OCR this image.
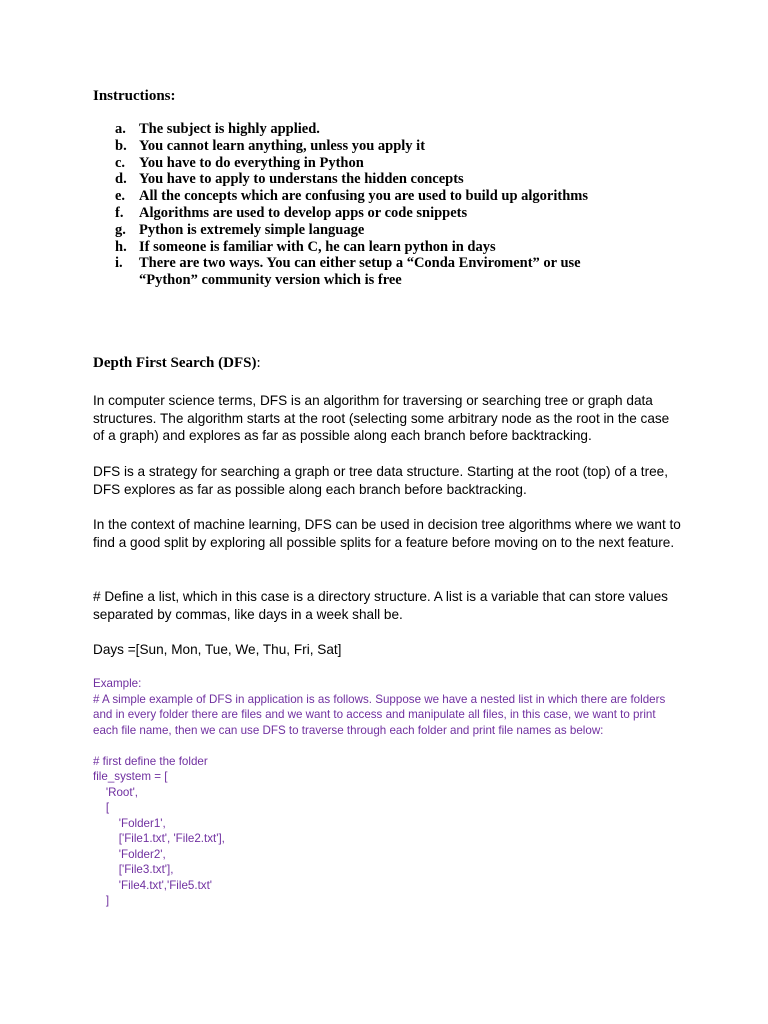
Instructions:
a. The subject is highly applied.
b. You cannot learn anything, unless you apply it
c. You have to do everything in Python
d. You have to apply to understans the hidden concepts
e. All the concepts which are confusing you are used to build up algorithms
f.	Algorithms are used to develop apps or code snippets
g. Python is extremely simple language
h. If someone is familiar with C, he can learn python in days
i.	There are two ways. You can either setup a “Conda Enviroment” or use “Python” community version which is free
Depth First Search (DFS):

In computer science terms, DFS is an algorithm for traversing or searching tree or graph data structures. The algorithm starts at the root (selecting some arbitrary node as the root in the case of a graph) and explores as far as possible along each branch before backtracking.

DFS is a strategy for searching a graph or tree data structure. Starting at the root (top) of a tree, DFS explores as far as possible along each branch before backtracking.

In the context of machine learning, DFS can be used in decision tree algorithms where we want to find a good split by exploring all possible splits for a feature before moving on to the next feature.

# Define a list, which in this case is a directory structure. A list is a variable that can store values separated by commas, like days in a week shall be.

Days =[Sun, Mon, Tue, We, Thu, Fri, Sat]

Example:
# A simple example of DFS in application is as follows. Suppose we have a nested list in which there are folders and in every folder there are files and we want to access and manipulate all files, in this case, we want to print each file name, then we can use DFS to traverse through each folder and print file names as below:
# first define the folder
file_system = [
'Root',
[
'Folder1',
['File1.txt', 'File2.txt'],
'Folder2',
['File3.txt'],
'File4.txt','File5.txt'
]
